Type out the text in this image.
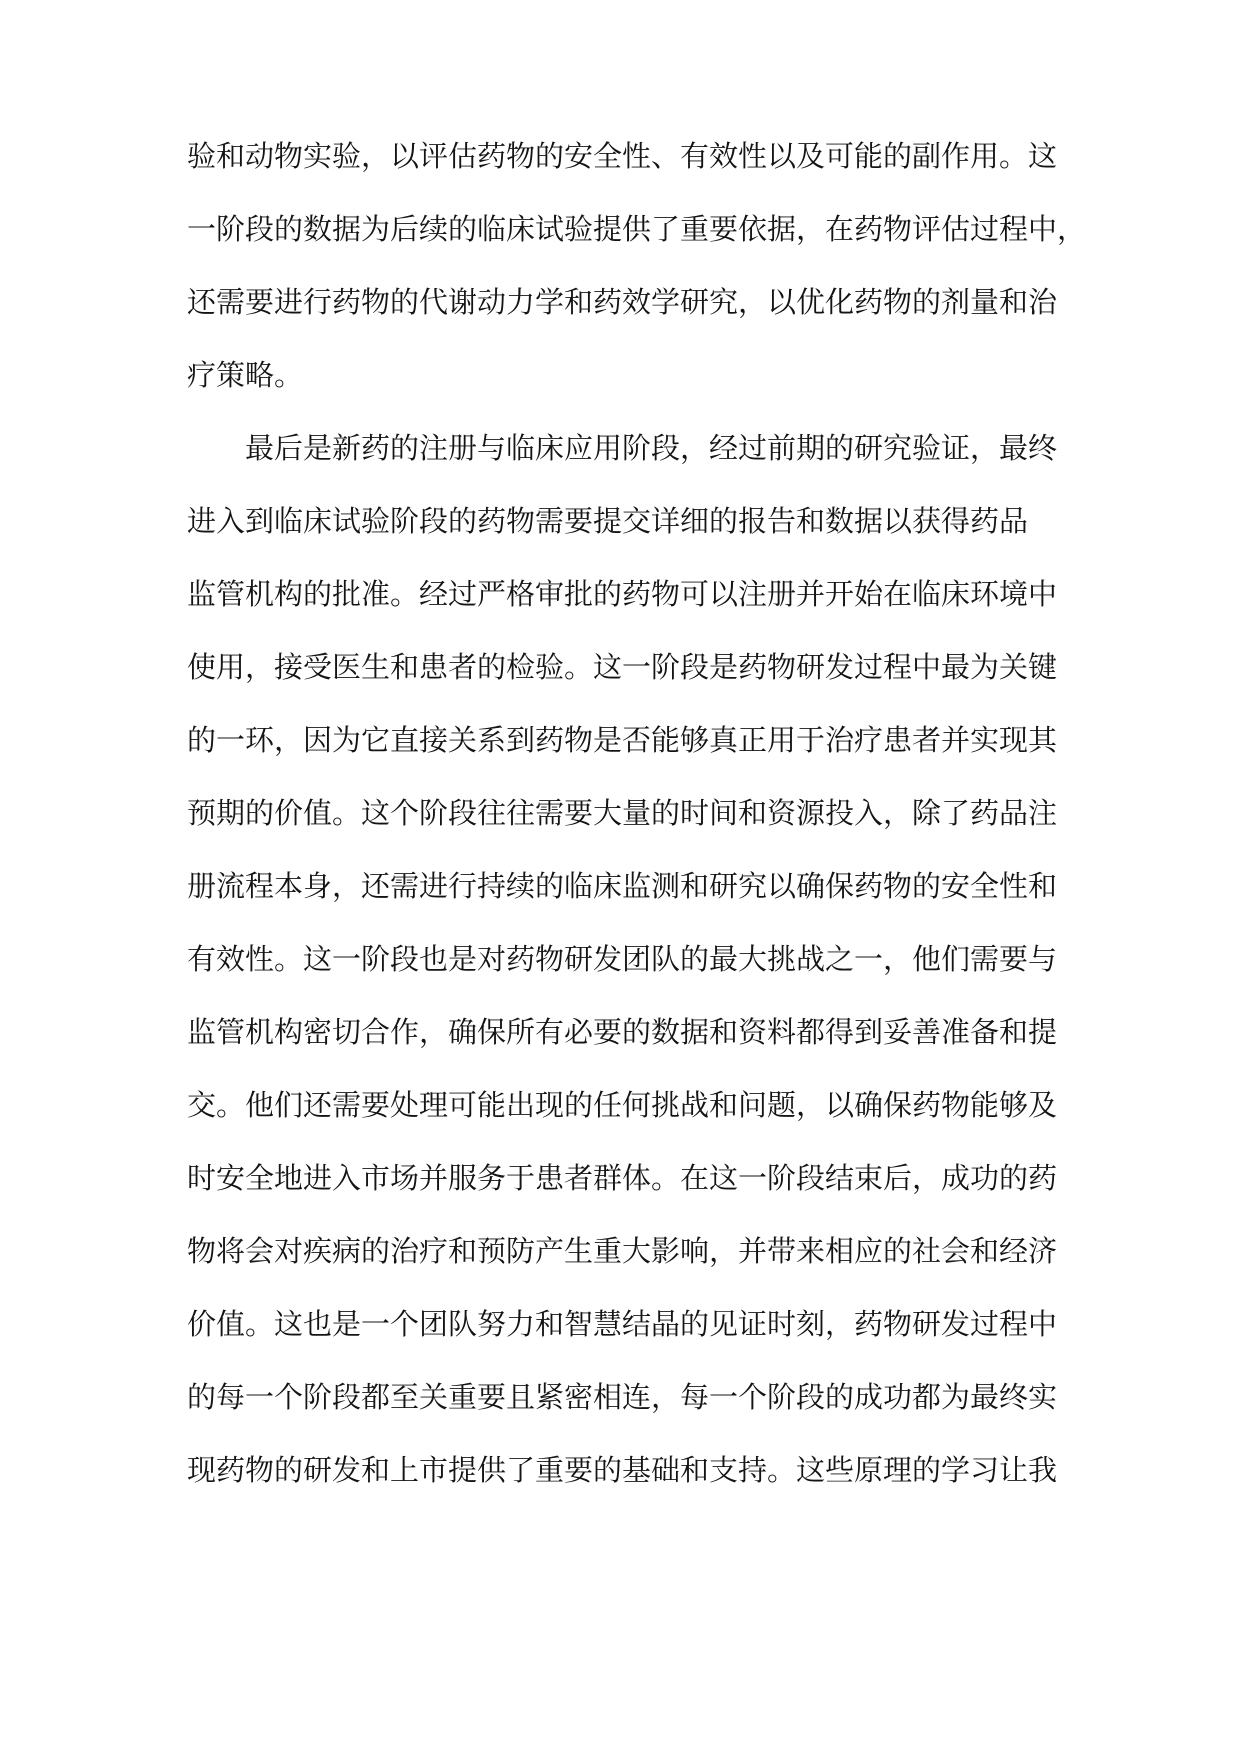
验和动物实验，以评估药物的安全性、有效性以及可能的副作用。这
一阶段的数据为后续的临床试验提供了重要依据，在药物评估过程中，
还需要进行药物的代谢动力学和药效学研究，以优化药物的剂量和治
疗策略。
最后是新药的注册与临床应用阶段，经过前期的研究验证，最终
进入到临床试验阶段的药物需要提交详细的报告和数据以获得药品
监管机构的批准。经过严格审批的药物可以注册并开始在临床环境中
使用，接受医生和患者的检验。这一阶段是药物研发过程中最为关键
的一环，因为它直接关系到药物是否能够真正用于治疗患者并实现其
预期的价值。这个阶段往往需要大量的时间和资源投入，除了药品注
册流程本身，还需进行持续的临床监测和研究以确保药物的安全性和
有效性。这一阶段也是对药物研发团队的最大挑战之一，他们需要与
监管机构密切合作，确保所有必要的数据和资料都得到妥善准备和提
交。他们还需要处理可能出现的任何挑战和问题，以确保药物能够及
时安全地进入市场并服务于患者群体。在这一阶段结束后，成功的药
物将会对疾病的治疗和预防产生重大影响，并带来相应的社会和经济
价值。这也是一个团队努力和智慧结晶的见证时刻，药物研发过程中
的每一个阶段都至关重要且紧密相连，每一个阶段的成功都为最终实
现药物的研发和上市提供了重要的基础和支持。这些原理的学习让我
